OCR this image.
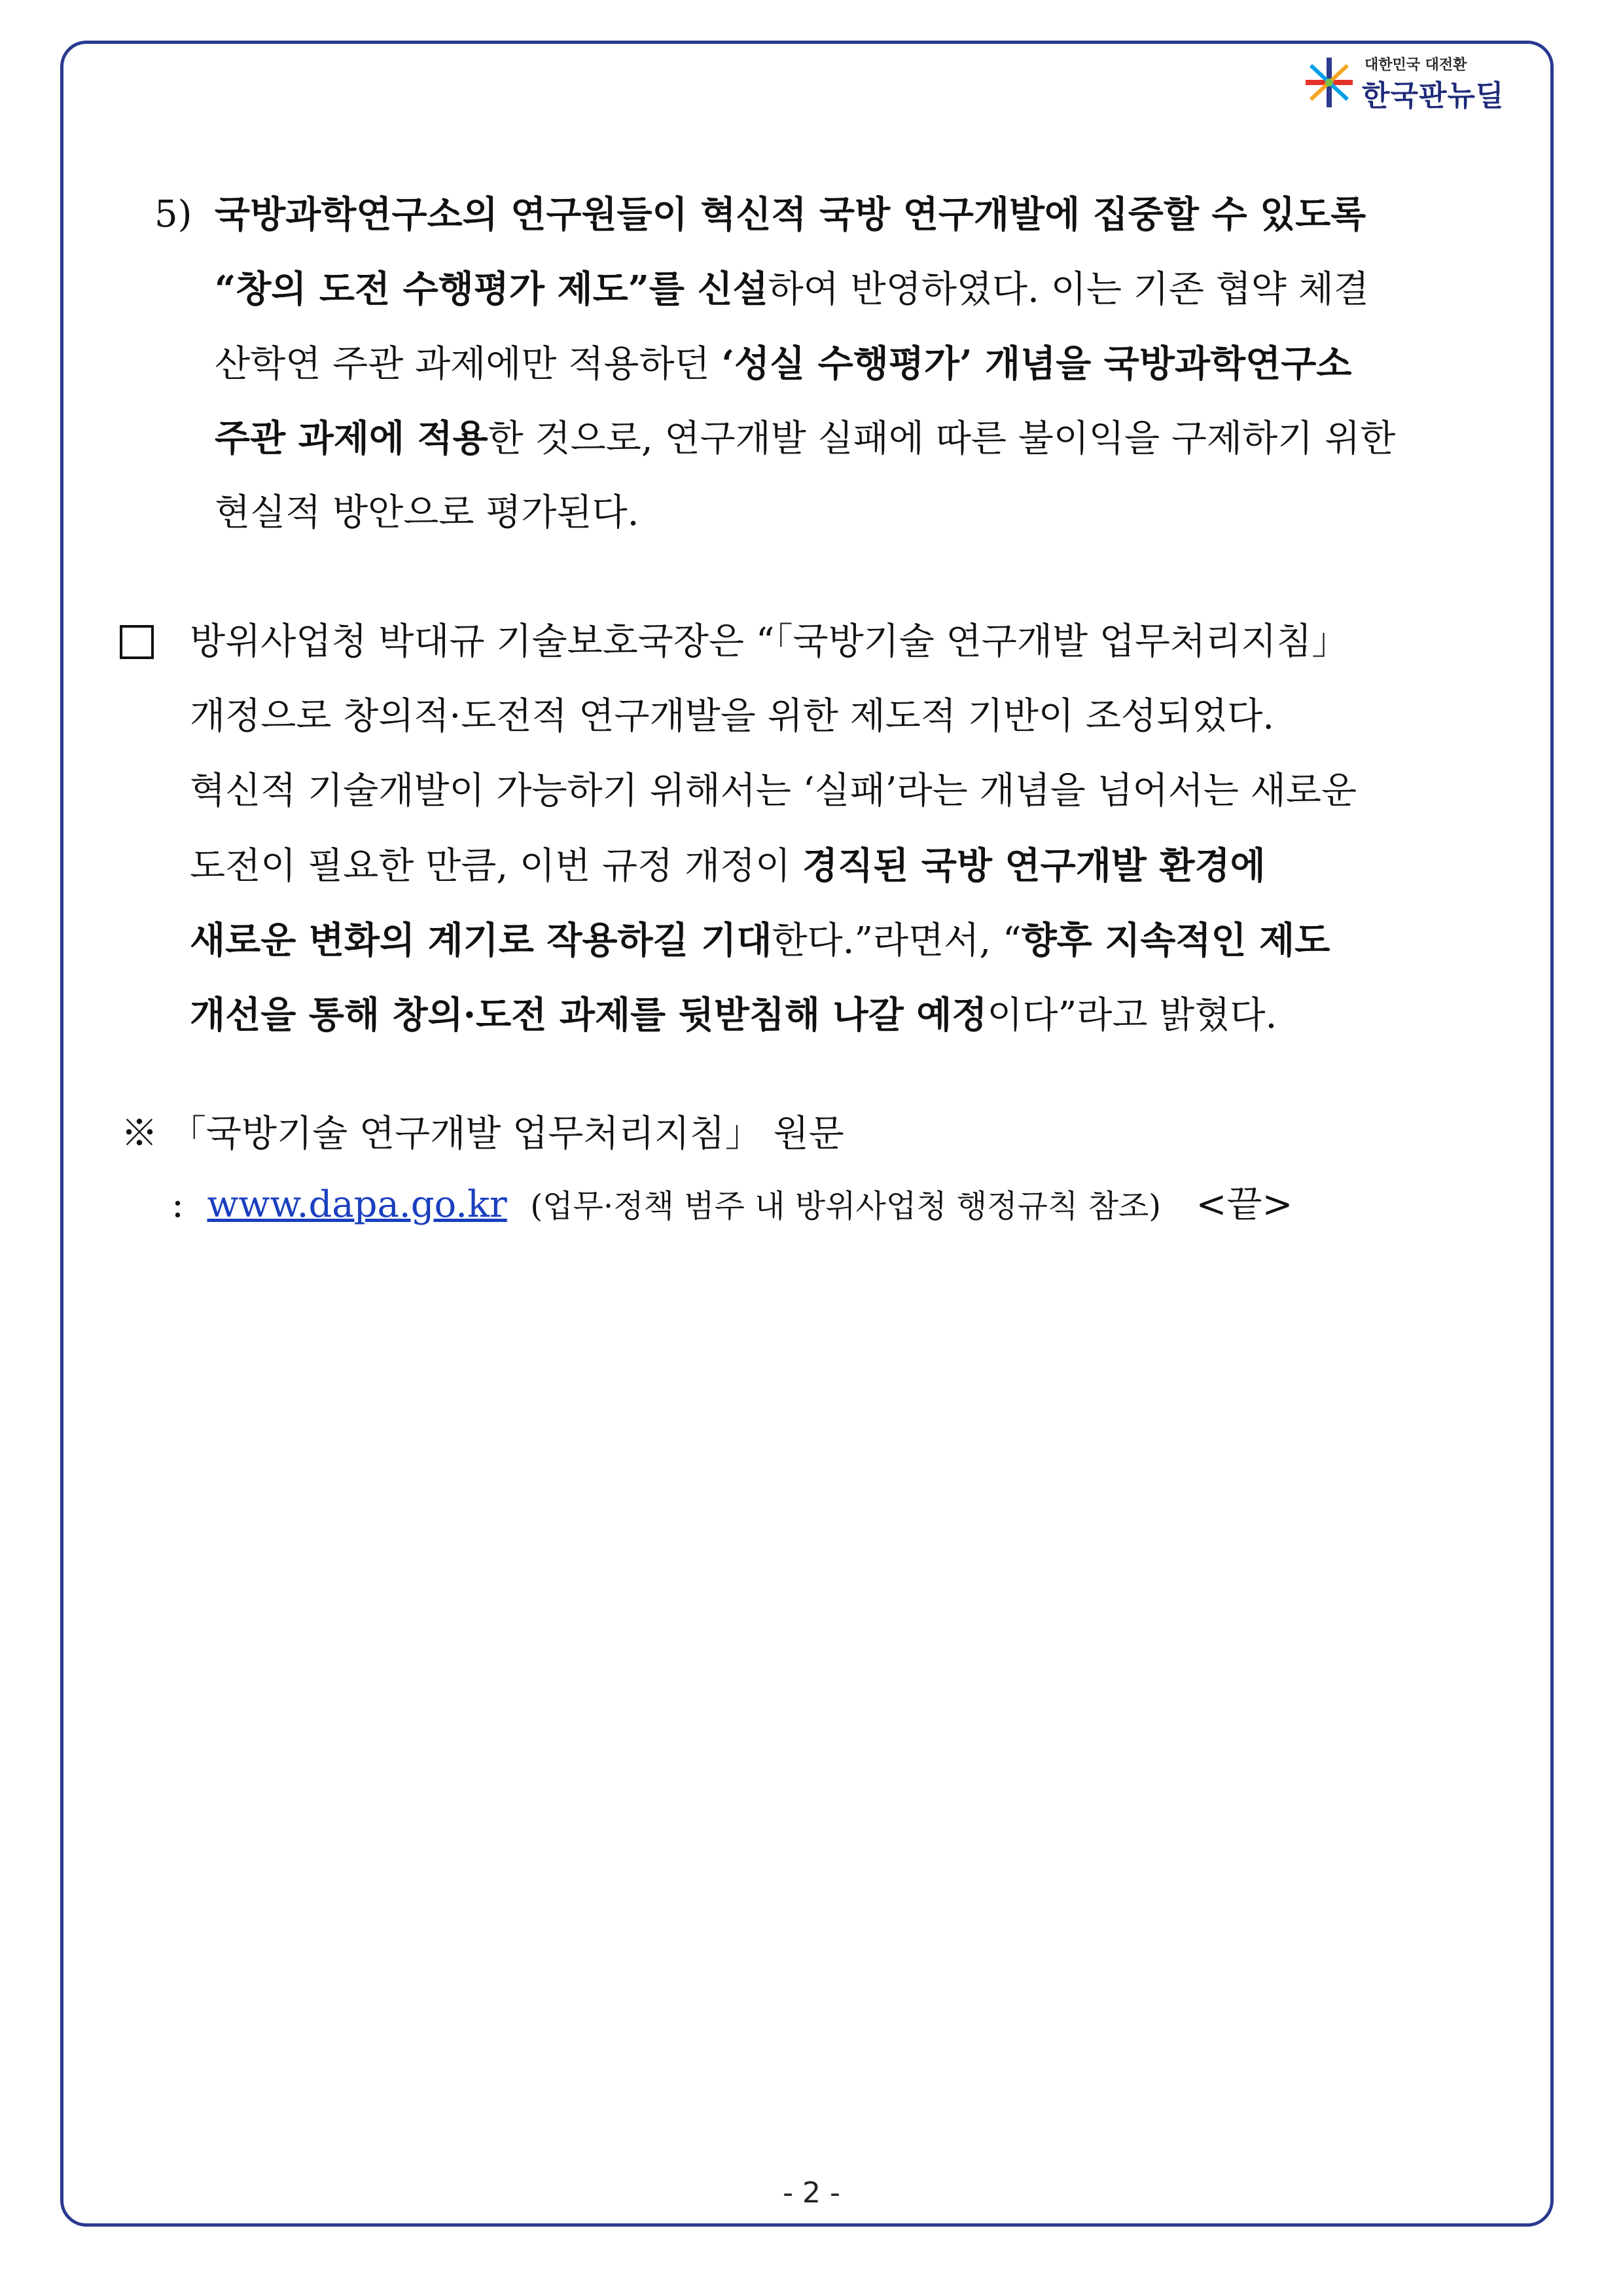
대한민국 대전환
한국판뉴딜
5) 국방과학연구소의 연구원들이 혁신적 국방 연구개발에 집중할 수 있도록
“창의 도전 수행평가 제도”를 신설하여 반영하였다. 이는 기존 협약 체결
산학연 주관 과제에만 적용하던 ‘성실 수행평가’ 개념을 국방과학연구소
주관 과제에 적용한 것으로, 연구개발 실패에 따른 불이익을 구제하기 위한
현실적 방안으로 평가된다.
방위사업청 박대규 기술보호국장은 “「국방기술 연구개발 업무처리지침」
개정으로 창의적·도전적 연구개발을 위한 제도적 기반이 조성되었다.
혁신적 기술개발이 가능하기 위해서는 ‘실패’라는 개념을 넘어서는 새로운
도전이 필요한 만큼, 이번 규정 개정이 경직된 국방 연구개발 환경에
새로운 변화의 계기로 작용하길 기대한다.”라면서, “향후 지속적인 제도
개선을 통해 창의·도전 과제를 뒷받침해 나갈 예정이다”라고 밝혔다.
※ 「국방기술 연구개발 업무처리지침」 원문
: www.dapa.go.kr (업무·정책 범주 내 방위사업청 행정규칙 참조) <끝>
- 2 -
